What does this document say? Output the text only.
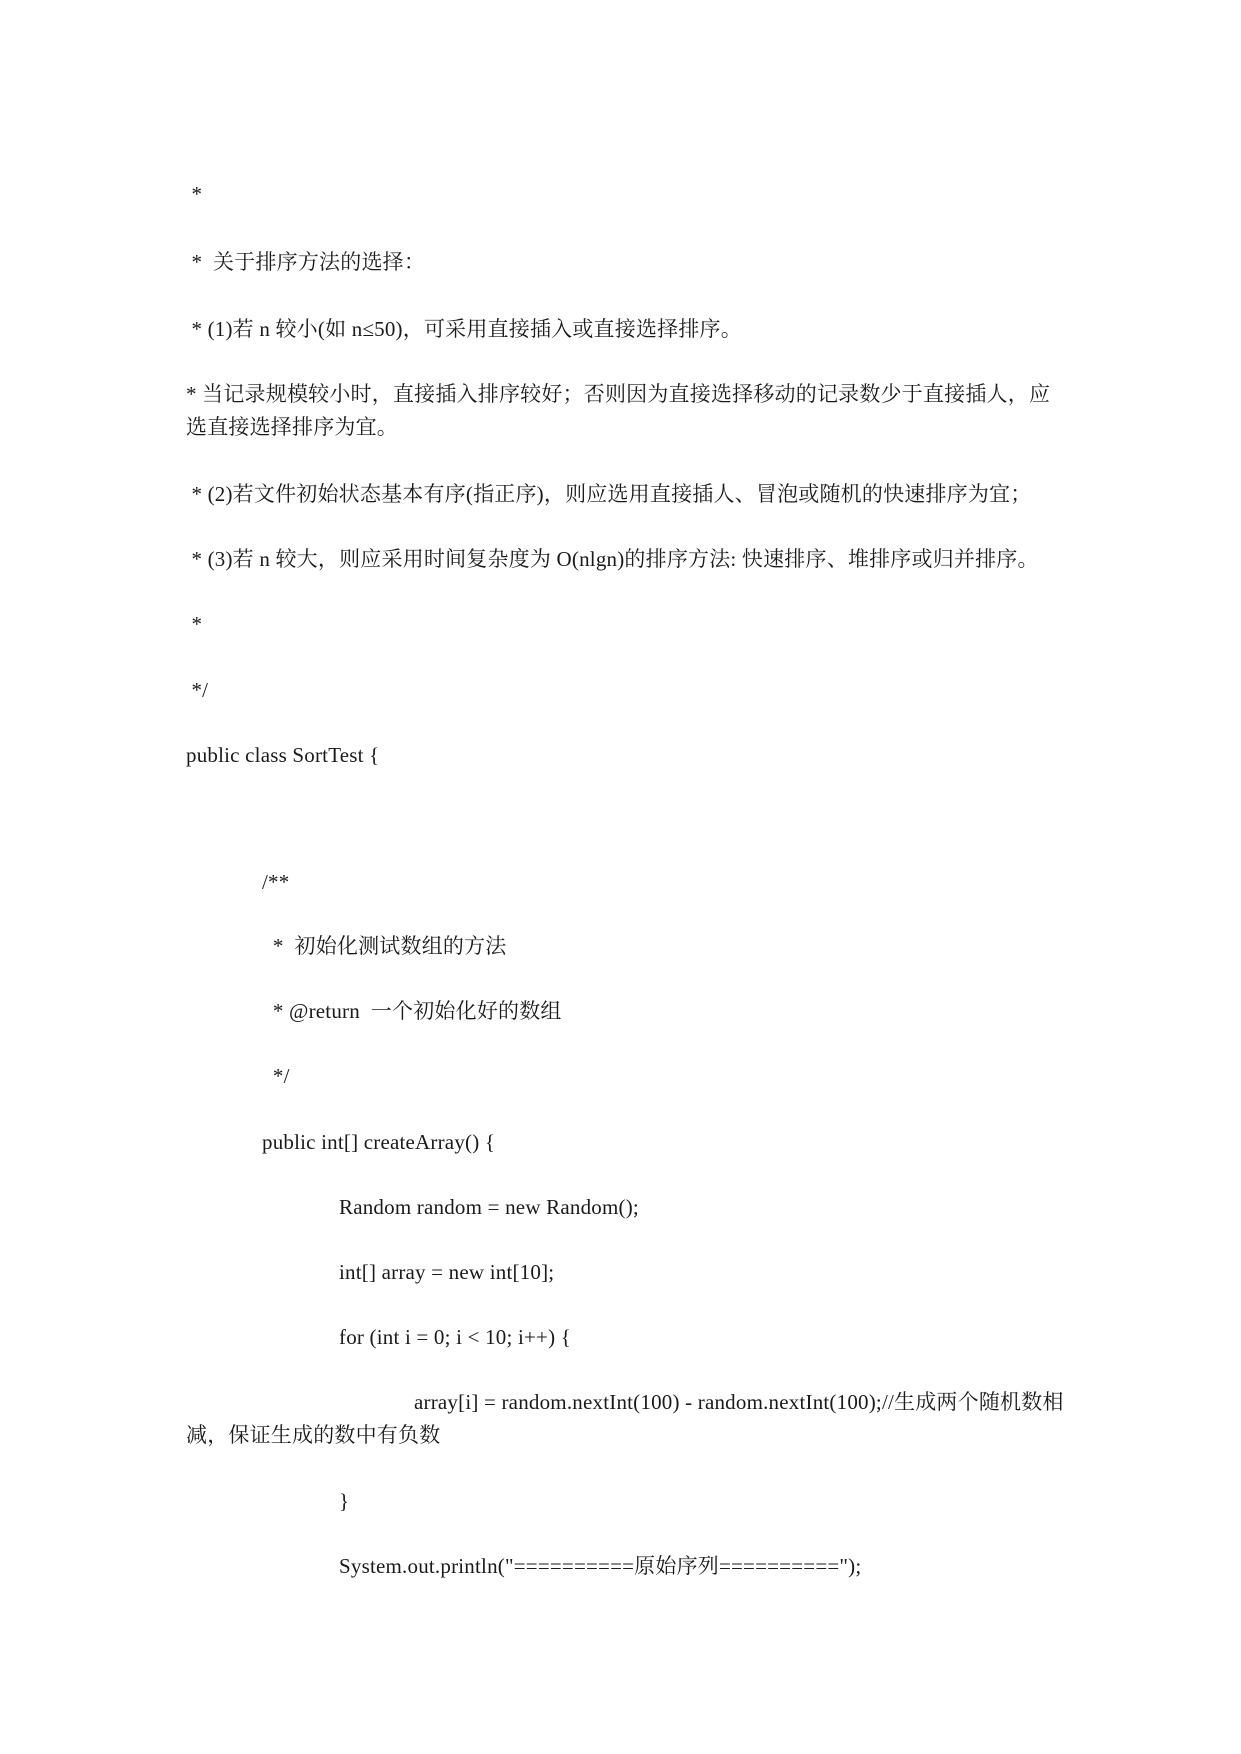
*
*  关于排序方法的选择：
* (1)若 n 较小(如 n≤50)，可采用直接插入或直接选择排序。
* 当记录规模较小时，直接插入排序较好；否则因为直接选择移动的记录数少于直接插人，应选直接选择排序为宜。
* (2)若文件初始状态基本有序(指正序)，则应选用直接插人、冒泡或随机的快速排序为宜；
* (3)若 n 较大，则应采用时间复杂度为 O(nlgn)的排序方法: 快速排序、堆排序或归并排序。
*
*/
public class SortTest {
/**
*  初始化测试数组的方法
* @return  一个初始化好的数组
*/
public int[] createArray() {
Random random = new Random();
int[] array = new int[10];
for (int i = 0; i < 10; i++) {
array[i] = random.nextInt(100) - random.nextInt(100);//生成两个随机数相减，保证生成的数中有负数
}
System.out.println("==========原始序列==========");
